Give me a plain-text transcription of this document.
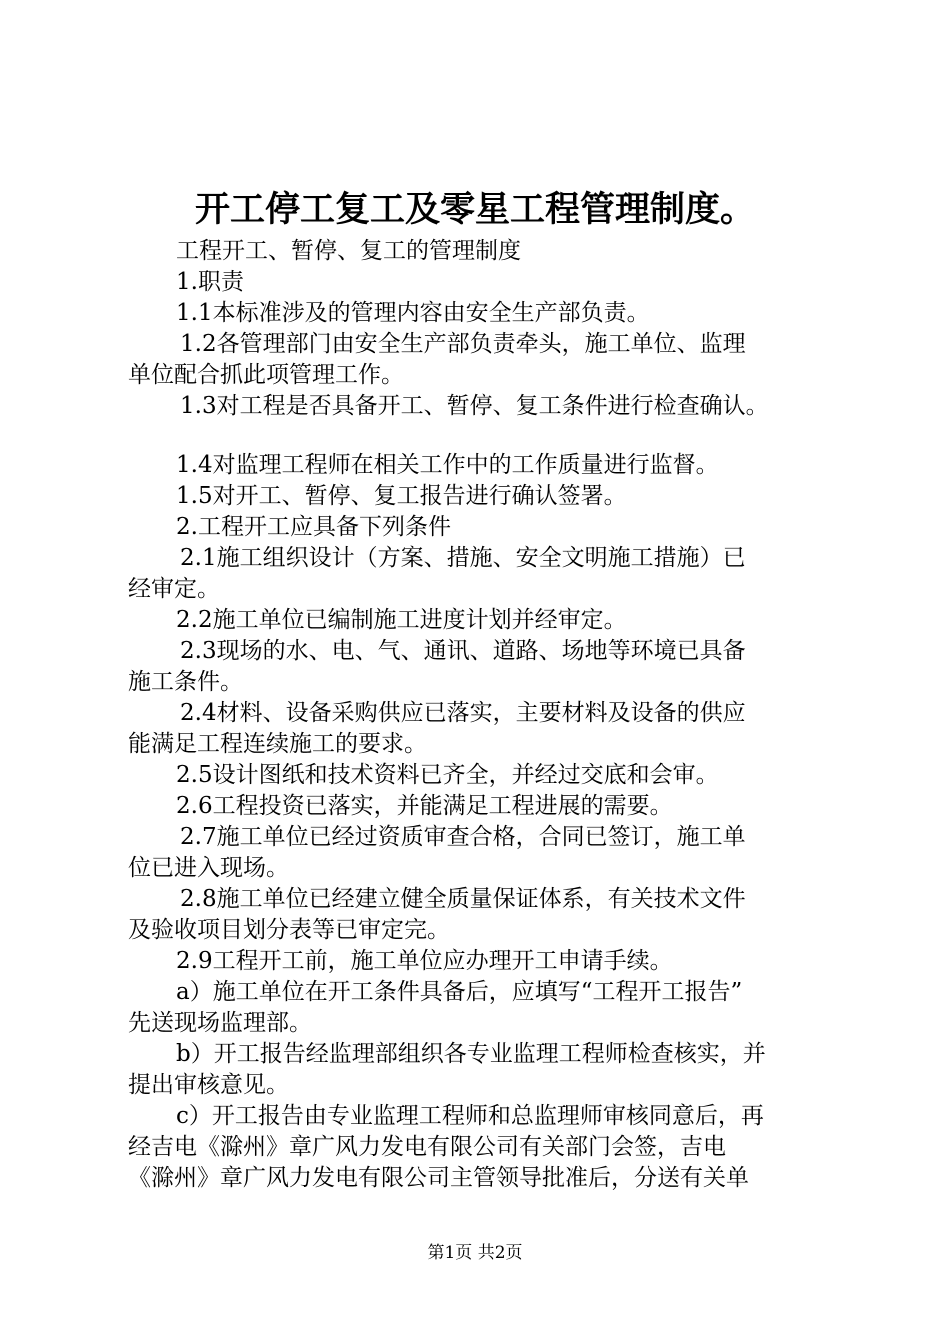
开工停工复工及零星工程管理制度。

工程开工、暂停、复工的管理制度

1.职责

1.1本标准涉及的管理内容由安全生产部负责。

1.2各管理部门由安全生产部负责牵头，施工单位、监理

单位配合抓此项管理工作。

1.3对工程是否具备开工、暂停、复工条件进行检查确认。

1.4对监理工程师在相关工作中的工作质量进行监督。

1.5对开工、暂停、复工报告进行确认签署。

2.工程开工应具备下列条件

2.1施工组织设计（方案、措施、安全文明施工措施）已

经审定。

2.2施工单位已编制施工进度计划并经审定。

2.3现场的水、电、气、通讯、道路、场地等环境已具备

施工条件。

2.4材料、设备采购供应已落实，主要材料及设备的供应

能满足工程连续施工的要求。

2.5设计图纸和技术资料已齐全，并经过交底和会审。

2.6工程投资已落实，并能满足工程进展的需要。

2.7施工单位已经过资质审查合格，合同已签订，施工单

位已进入现场。

2.8施工单位已经建立健全质量保证体系，有关技术文件

及验收项目划分表等已审定完。

2.9工程开工前，施工单位应办理开工申请手续。

a）施工单位在开工条件具备后，应填写“工程开工报告”

先送现场监理部。

b）开工报告经监理部组织各专业监理工程师检查核实，并

提出审核意见。

c）开工报告由专业监理工程师和总监理师审核同意后，再

经吉电《滁州》章广风力发电有限公司有关部门会签，吉电

《滁州》章广风力发电有限公司主管领导批准后，分送有关单

第1页 共2页
